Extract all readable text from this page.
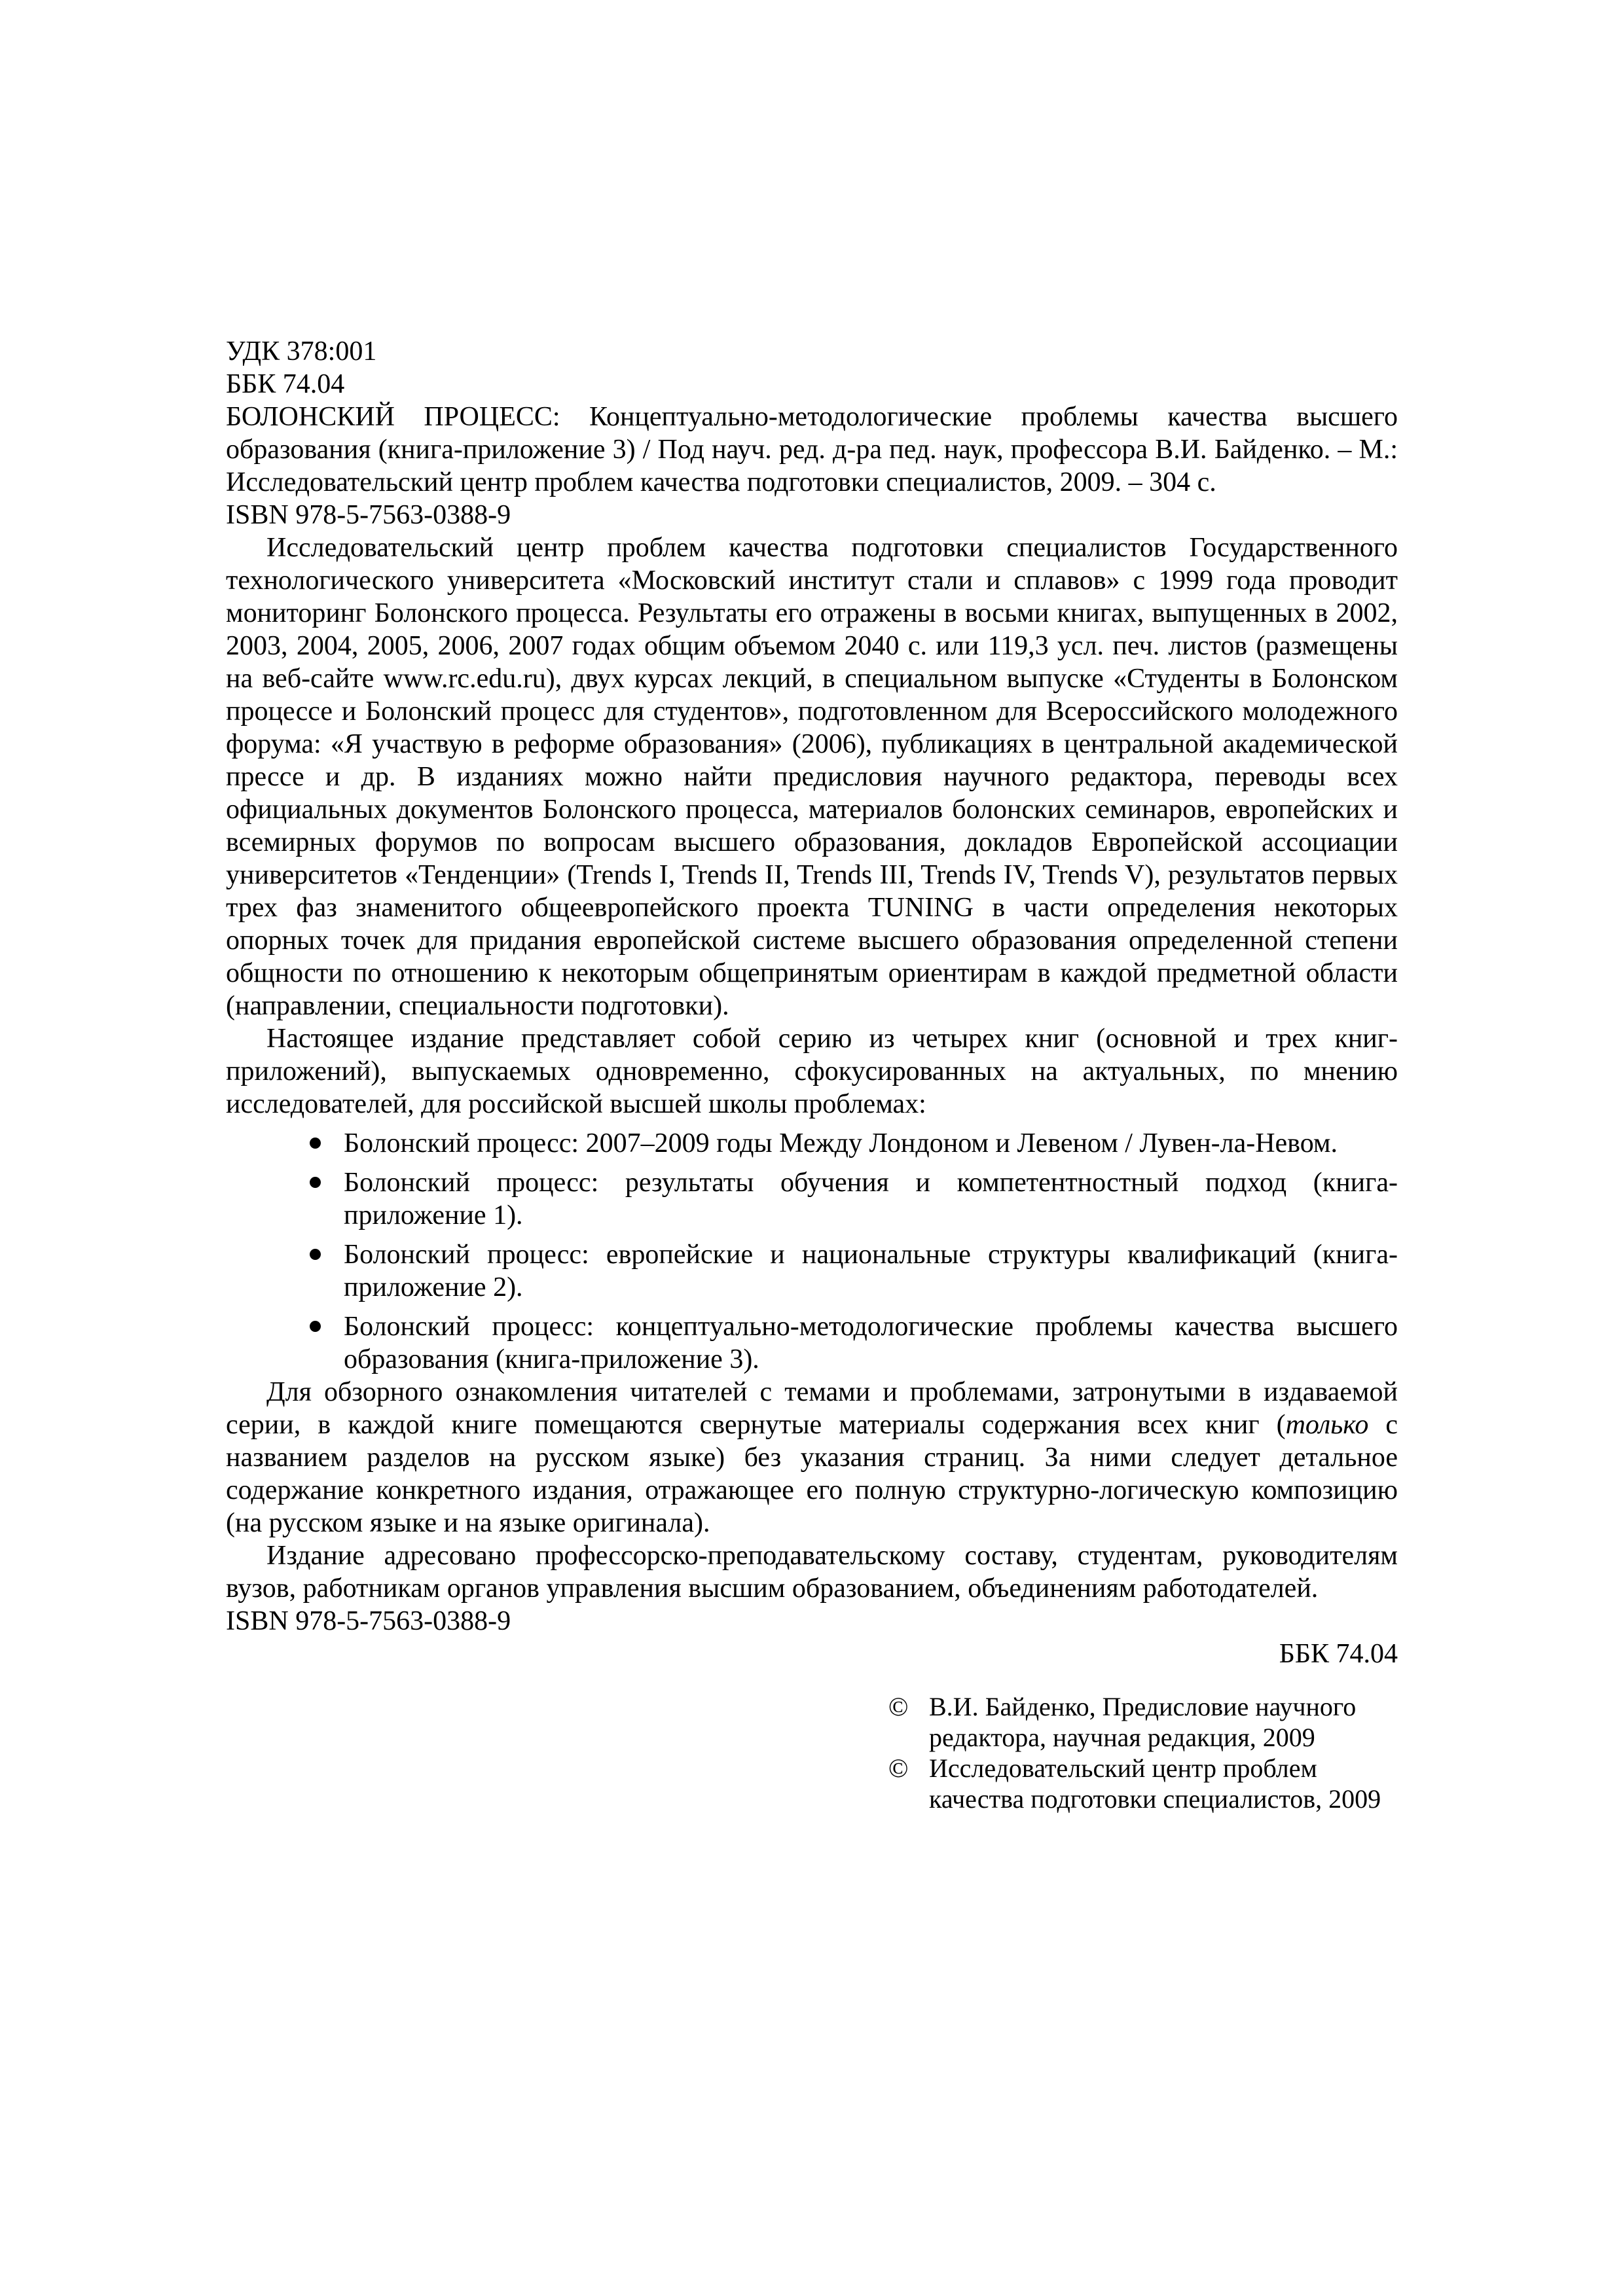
УДК 378:001

ББК 74.04

БОЛОНСКИЙ ПРОЦЕСС: Концептуально-методологические проблемы качества высшего образования (книга-приложение 3) / Под науч. ред. д-ра пед. наук, профессора В.И. Байденко. – М.: Исследовательский центр проблем качества подготовки специалистов, 2009. – 304 с.

ISBN 978-5-7563-0388-9

Исследовательский центр проблем качества подготовки специалистов Государственного технологического университета «Московский институт стали и сплавов» с 1999 года проводит мониторинг Болонского процесса. Результаты его отражены в восьми книгах, выпущенных в 2002, 2003, 2004, 2005, 2006, 2007 годах общим объемом 2040 с. или 119,3 усл. печ. листов (размещены на веб-сайте www.rc.edu.ru), двух курсах лекций, в специальном выпуске «Студенты в Болонском процессе и Болонский процесс для студентов», подготовленном для Всероссийского молодежного форума: «Я участвую в реформе образования» (2006), публикациях в центральной академической прессе и др. В изданиях можно найти предисловия научного редактора, переводы всех официальных документов Болонского процесса, материалов болонских семинаров, европейских и всемирных форумов по вопросам высшего образования, докладов Европейской ассоциации университетов «Тенденции» (Trends I, Trends II, Trends III, Trends IV, Trends V), результатов первых трех фаз знаменитого общеевропейского проекта TUNING в части определения некоторых опорных точек для придания европейской системе высшего образования определенной степени общности по отношению к некоторым общепринятым ориентирам в каждой предметной области (направлении, специальности подготовки).

Настоящее издание представляет собой серию из четырех книг (основной и трех книг-приложений), выпускаемых одновременно, сфокусированных на актуальных, по мнению исследователей, для российской высшей школы проблемах:

Болонский процесс: 2007–2009 годы Между Лондоном и Левеном / Лувен-ла-Невом.
Болонский процесс: результаты обучения и компетентностный подход (книга-приложение 1).
Болонский процесс: европейские и национальные структуры квалификаций (книга-приложение 2).
Болонский процесс: концептуально-методологические проблемы качества высшего образования (книга-приложение 3).

Для обзорного ознакомления читателей с темами и проблемами, затронутыми в издаваемой серии, в каждой книге помещаются свернутые материалы содержания всех книг (только с названием разделов на русском языке) без указания страниц. За ними следует детальное содержание конкретного издания, отражающее его полную структурно-логическую композицию (на русском языке и на языке оригинала).

Издание адресовано профессорско-преподавательскому составу, студентам, руководителям вузов, работникам органов управления высшим образованием, объединениям работодателей.

ISBN 978-5-7563-0388-9

ББК 74.04

© В.И. Байденко, Предисловие научного редактора, научная редакция, 2009
© Исследовательский центр проблем качества подготовки специалистов, 2009
